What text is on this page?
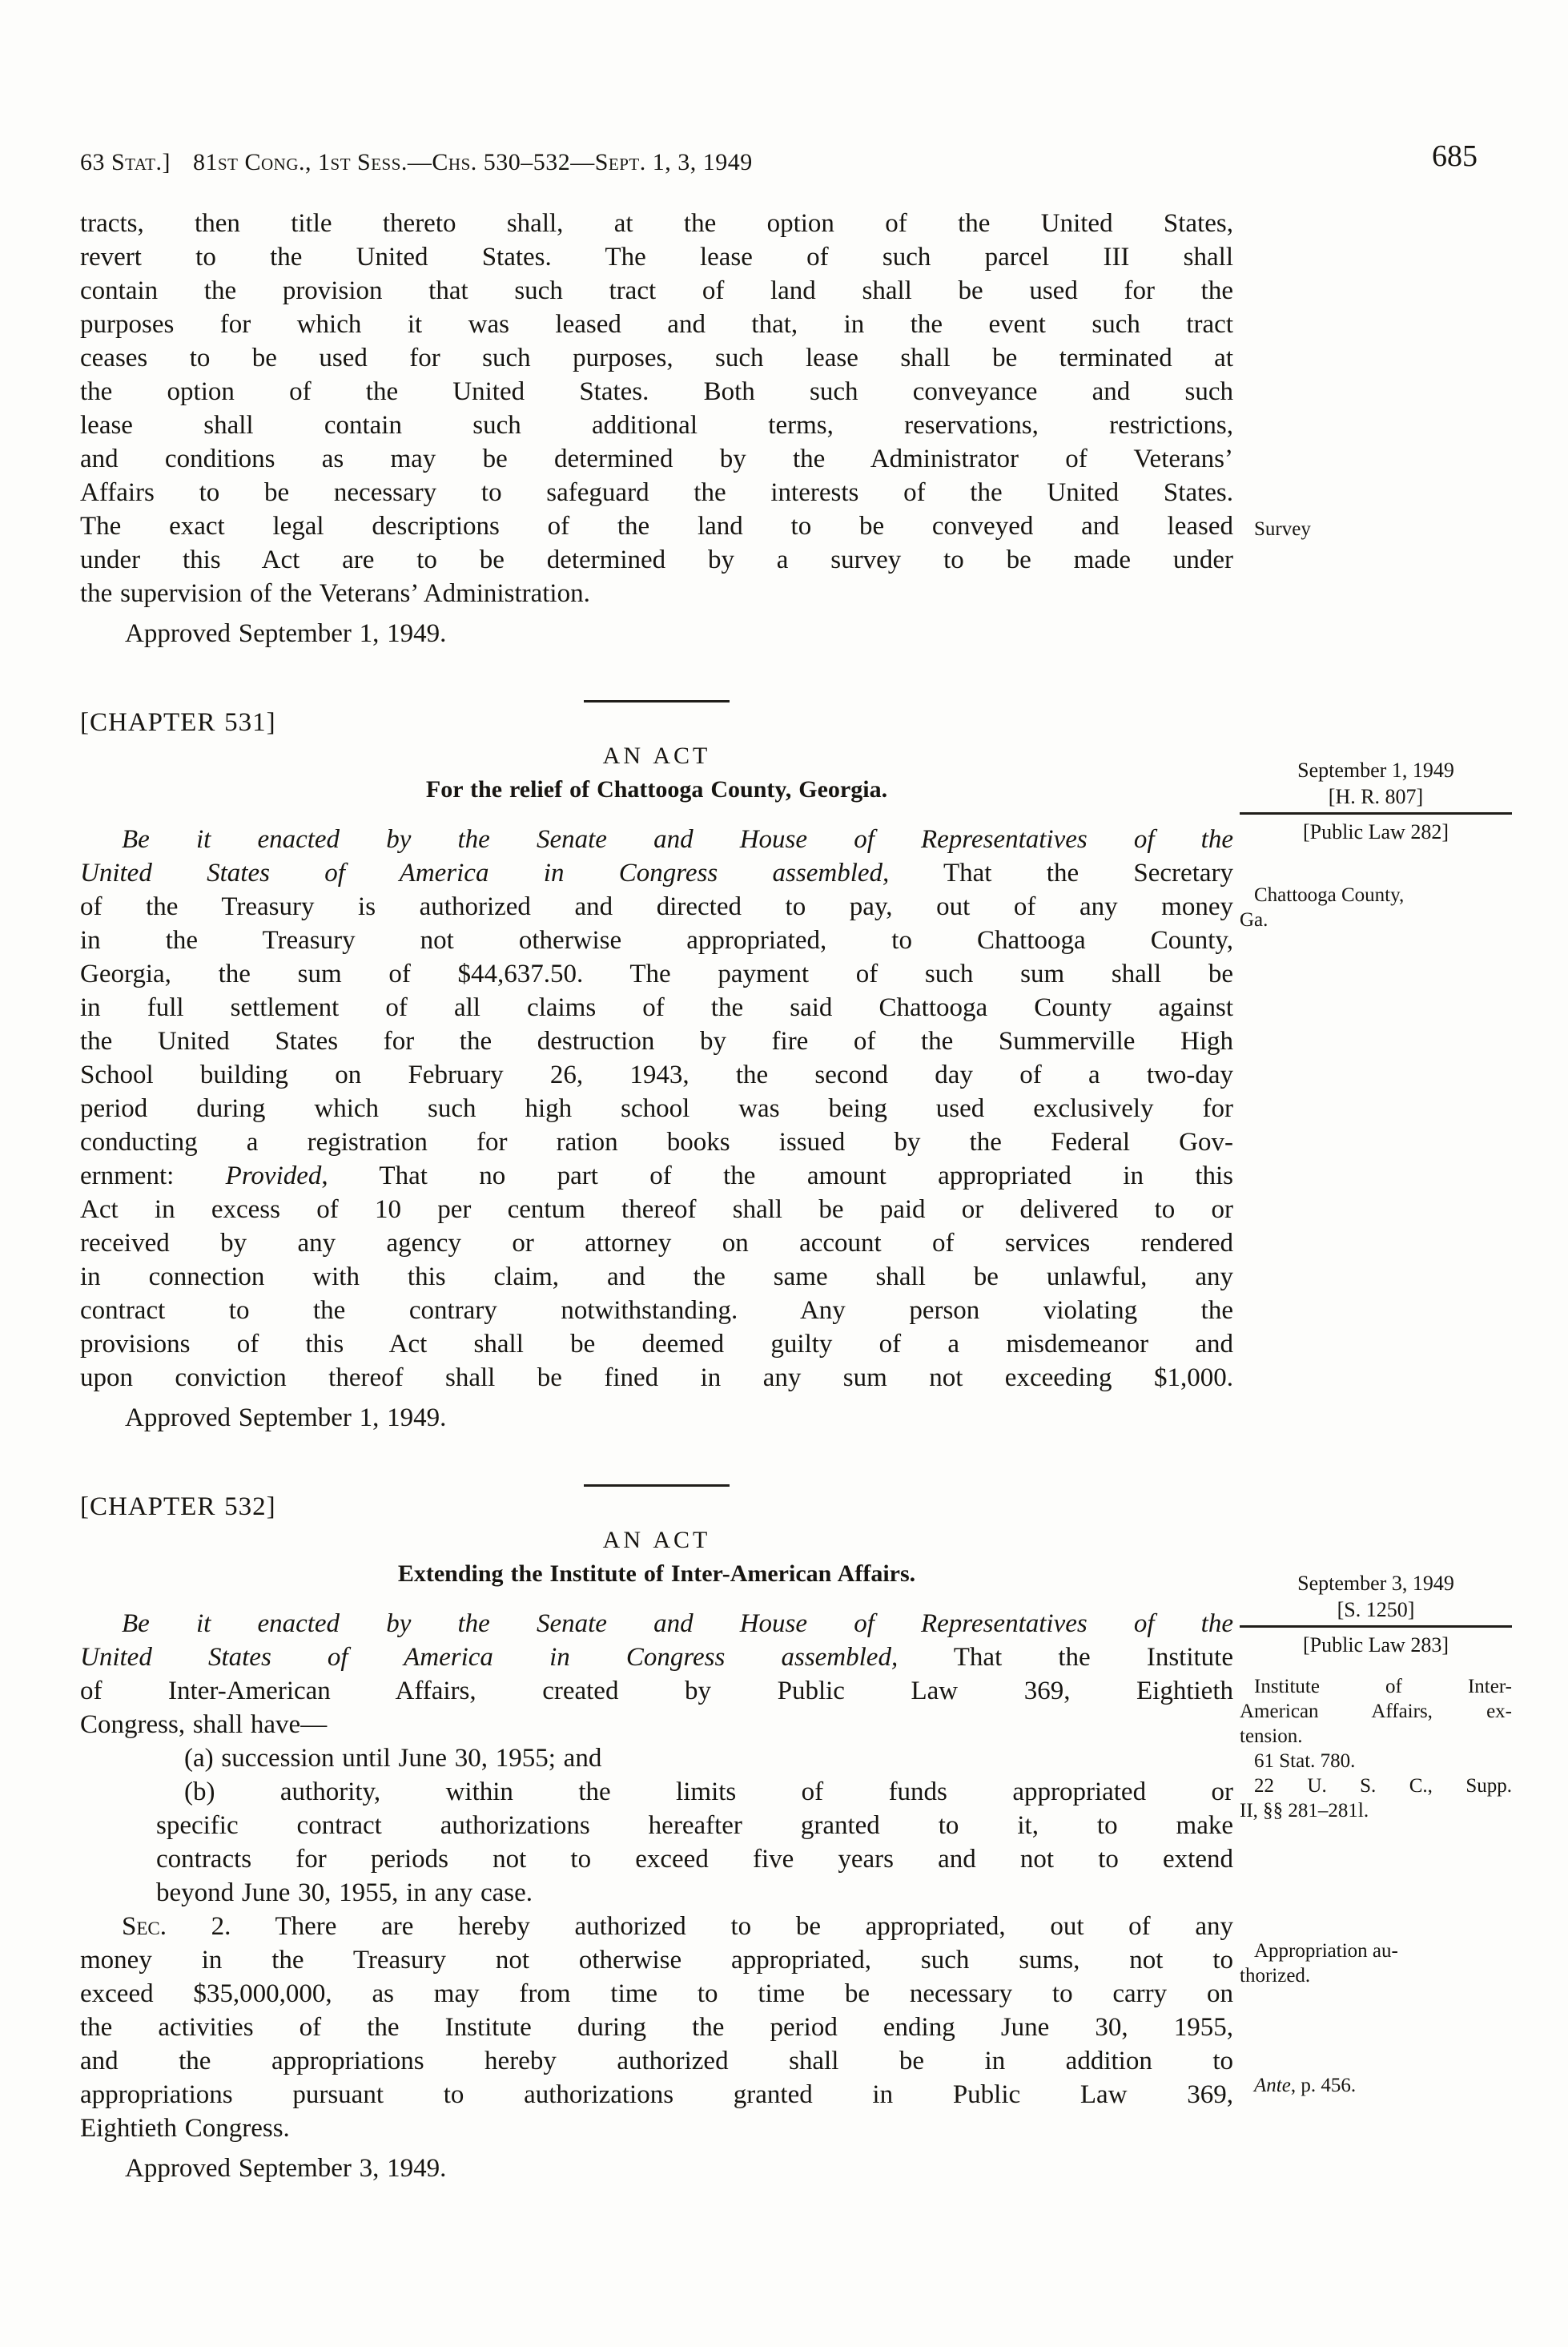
63 Stat.] 81st Cong., 1st Sess.—Chs. 530–532—Sept. 1, 3, 1949	685
tracts, then title thereto shall, at the option of the United States,
revert to the United States. The lease of such parcel III shall
contain the provision that such tract of land shall be used for the
purposes for which it was leased and that, in the event such tract
ceases to be used for such purposes, such lease shall be terminated at
the option of the United States. Both such conveyance and such
lease shall contain such additional terms, reservations, restrictions,
and conditions as may be determined by the Administrator of Veterans’
Affairs to be necessary to safeguard the interests of the United States.
The exact legal descriptions of the land to be conveyed and leased
under this Act are to be determined by a survey to be made under
the supervision of the Veterans’ Administration.

Approved September 1, 1949.

[CHAPTER 531]
AN ACT
For the relief of Chattooga County, Georgia.
Be it enacted by the Senate and House of Representatives of the
United States of America in Congress assembled, That the Secretary
of the Treasury is authorized and directed to pay, out of any money
in the Treasury not otherwise appropriated, to Chattooga County,
Georgia, the sum of $44,637.50. The payment of such sum shall be
in full settlement of all claims of the said Chattooga County against
the United States for the destruction by fire of the Summerville High
School building on February 26, 1943, the second day of a two-day
period during which such high school was being used exclusively for
conducting a registration for ration books issued by the Federal Gov-
ernment: Provided, That no part of the amount appropriated in this
Act in excess of 10 per centum thereof shall be paid or delivered to or
received by any agency or attorney on account of services rendered
in connection with this claim, and the same shall be unlawful, any
contract to the contrary notwithstanding. Any person violating the
provisions of this Act shall be deemed guilty of a misdemeanor and
upon conviction thereof shall be fined in any sum not exceeding $1,000.

Approved September 1, 1949.

[CHAPTER 532]
AN ACT
Extending the Institute of Inter-American Affairs.
Be it enacted by the Senate and House of Representatives of the
United States of America in Congress assembled, That the Institute
of Inter-American Affairs, created by Public Law 369, Eightieth
Congress, shall have—
(a) succession until June 30, 1955; and
(b) authority, within the limits of funds appropriated or
specific contract authorizations hereafter granted to it, to make
contracts for periods not to exceed five years and not to extend
beyond June 30, 1955, in any case.
Sec. 2. There are hereby authorized to be appropriated, out of any
money in the Treasury not otherwise appropriated, such sums, not to
exceed $35,000,000, as may from time to time be necessary to carry on
the activities of the Institute during the period ending June 30, 1955,
and the appropriations hereby authorized shall be in addition to
appropriations pursuant to authorizations granted in Public Law 369,
Eightieth Congress.

Approved September 3, 1949.

Survey
September 1, 1949
[H. R. 807]
[Public Law 282]
Chattooga County,
Ga.
September 3, 1949
[S. 1250]
[Public Law 283]
Institute of Inter-
American Affairs, ex-
tension.
61 Stat. 780.
22 U. S. C., Supp.
II, §§ 281–281l.
Appropriation au-
thorized.
Ante, p. 456.
